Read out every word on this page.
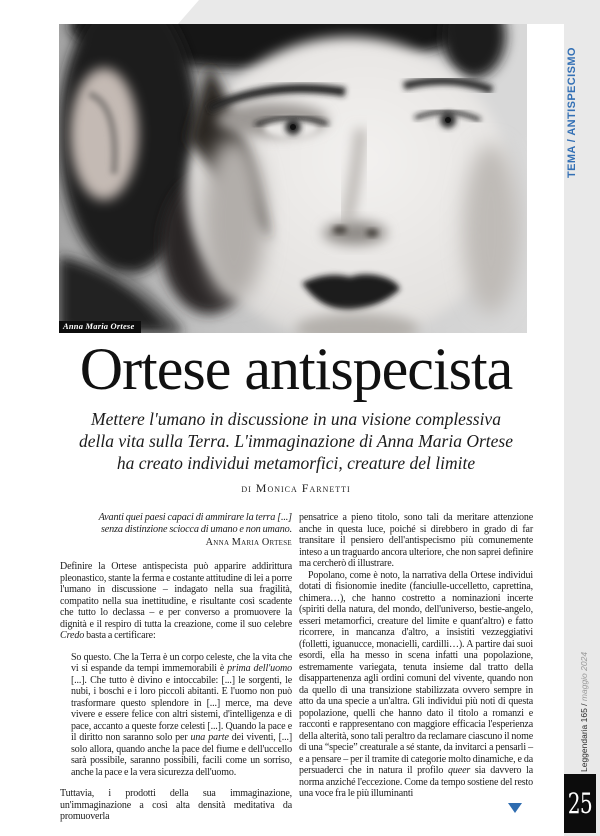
Anna Maria Ortese
Ortese antispecista
Mettere l'umano in discussione in una visione complessiva
della vita sulla Terra. L'immaginazione di Anna Maria Ortese
ha creato individui metamorfici, creature del limite
di Monica Farnetti
Avanti quei paesi capaci di ammirare la terra [...]
senza distinzione sciocca di umano e non umano.
Anna Maria Ortese

Definire la Ortese antispecista può apparire addirittura pleonastico, stante la ferma e costante attitudine di lei a porre l'umano in discussione – indagato nella sua fragilità, compatito nella sua inettitudine, e risultante così scadente che tutto lo declassa – e per converso a promuovere la dignità e il respiro di tutta la creazione, come il suo celebre Credo basta a certificare:

So questo. Che la Terra è un corpo celeste, che la vita che vi si espande da tempi immemorabili è prima dell'uomo [...]. Che tutto è divino e intoccabile: [...] le sorgenti, le nubi, i boschi e i loro piccoli abitanti. E l'uomo non può trasformare questo splendore in [...] merce, ma deve vivere e essere felice con altri sistemi, d'intelligenza e di pace, accanto a queste forze celesti [...]. Quando la pace e il diritto non saranno solo per una parte dei viventi, [...] solo allora, quando anche la pace del fiume e dell'uccello sarà possibile, saranno possibili, facili come un sorriso, anche la pace e la vera sicurezza dell'uomo.

Tuttavia, i prodotti della sua immaginazione, un'immaginazione a così alta densità meditativa da promuoverla

pensatrice a pieno titolo, sono tali da meritare attenzione anche in questa luce, poiché si direbbero in grado di far transitare il pensiero dell'antispecismo più comunemente inteso a un traguardo ancora ulteriore, che non saprei definire ma cercherò di illustrare.

Popolano, come è noto, la narrativa della Ortese individui dotati di fisionomie inedite (fanciulle-uccelletto, caprettina, chimera…), che hanno costretto a nominazioni incerte (spiriti della natura, del mondo, dell'universo, bestie-angelo, esseri metamorfici, creature del limite e quant'altro) e fatto ricorrere, in mancanza d'altro, a insistiti vezzeggiativi (folletti, iguanucce, monacielli, cardilli…). A partire dai suoi esordi, ella ha messo in scena infatti una popolazione, estremamente variegata, tenuta insieme dal tratto della disappartenenza agli ordini comuni del vivente, quando non da quello di una transizione stabilizzata ovvero sempre in atto da una specie a un'altra. Gli individui più noti di questa popolazione, quelli che hanno dato il titolo a romanzi e racconti e rappresentano con maggiore efficacia l'esperienza della alterità, sono tali peraltro da reclamare ciascuno il nome di una “specie” creaturale a sé stante, da invitarci a pensarli – e a pensare – per il tramite di categorie molto dinamiche, e da persuaderci che in natura il profilo queer sia davvero la norma anziché l'eccezione. Come da tempo sostiene del resto una voce fra le più illuminanti

TEMA / ANTISPECISMO
Leggendaria 165 / maggio 2024
25
